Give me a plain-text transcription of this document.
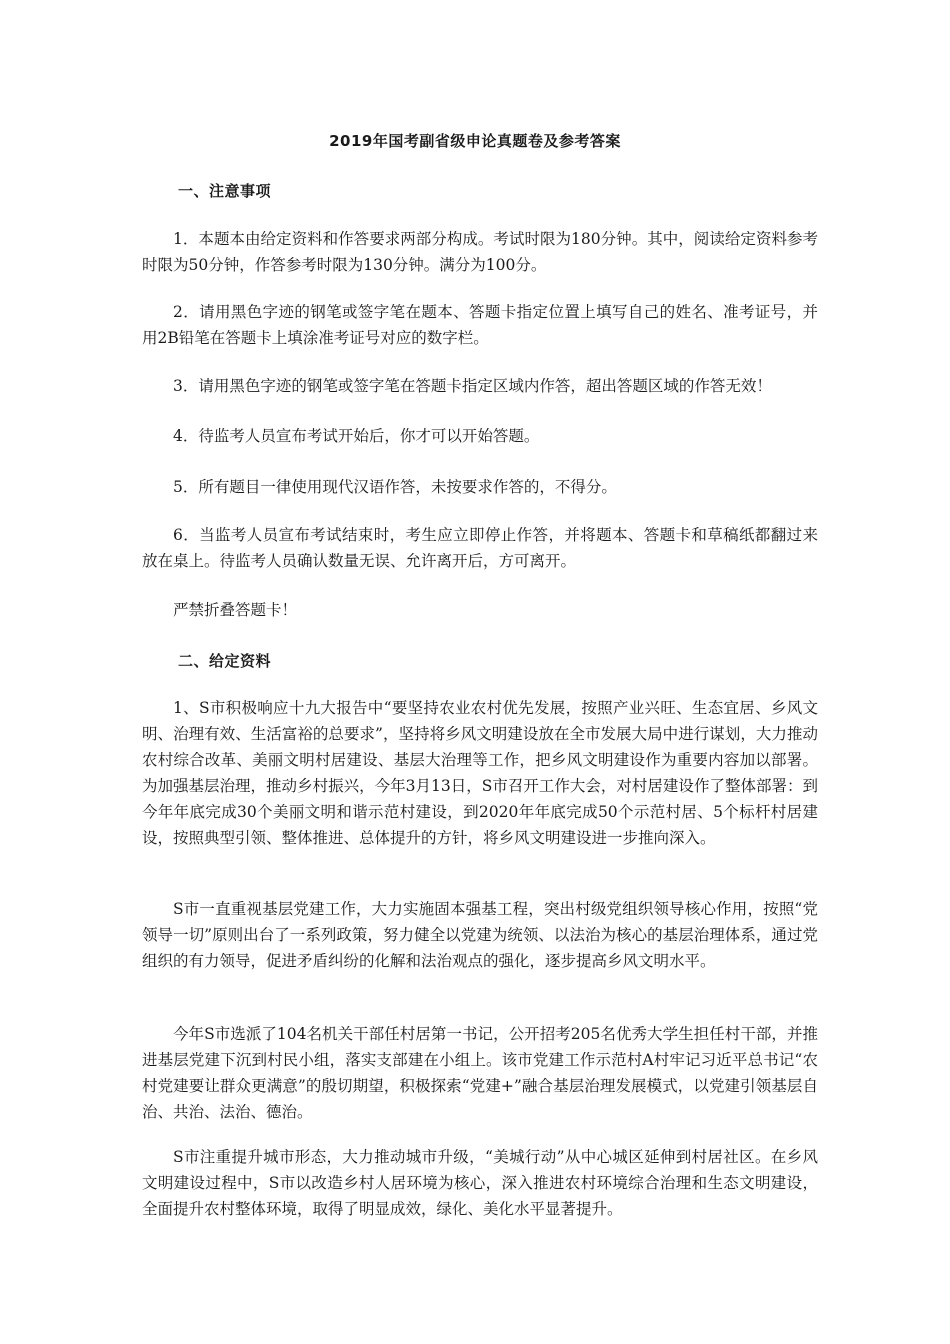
2019年国考副省级申论真题卷及参考答案
一、注意事项

1．本题本由给定资料和作答要求两部分构成。考试时限为180分钟。其中，阅读给定资料参考时限为50分钟，作答参考时限为130分钟。满分为100分。

2．请用黑色字迹的钢笔或签字笔在题本、答题卡指定位置上填写自己的姓名、准考证号，并用2B铅笔在答题卡上填涂准考证号对应的数字栏。

3．请用黑色字迹的钢笔或签字笔在答题卡指定区域内作答，超出答题区域的作答无效！

4．待监考人员宣布考试开始后，你才可以开始答题。

5．所有题目一律使用现代汉语作答，未按要求作答的，不得分。

6．当监考人员宣布考试结束时，考生应立即停止作答，并将题本、答题卡和草稿纸都翻过来放在桌上。待监考人员确认数量无误、允许离开后，方可离开。

严禁折叠答题卡！

二、给定资料

1、S市积极响应十九大报告中“要坚持农业农村优先发展，按照产业兴旺、生态宜居、乡风文明、治理有效、生活富裕的总要求”，坚持将乡风文明建设放在全市发展大局中进行谋划，大力推动农村综合改革、美丽文明村居建设、基层大治理等工作，把乡风文明建设作为重要内容加以部署。为加强基层治理，推动乡村振兴，今年3月13日，S市召开工作大会，对村居建设作了整体部署：到今年年底完成30个美丽文明和谐示范村建设，到2020年年底完成50个示范村居、5个标杆村居建设，按照典型引领、整体推进、总体提升的方针，将乡风文明建设进一步推向深入。

S市一直重视基层党建工作，大力实施固本强基工程，突出村级党组织领导核心作用，按照“党领导一切”原则出台了一系列政策，努力健全以党建为统领、以法治为核心的基层治理体系，通过党组织的有力领导，促进矛盾纠纷的化解和法治观点的强化，逐步提高乡风文明水平。

今年S市选派了104名机关干部任村居第一书记，公开招考205名优秀大学生担任村干部，并推进基层党建下沉到村民小组，落实支部建在小组上。该市党建工作示范村A村牢记习近平总书记“农村党建要让群众更满意”的殷切期望，积极探索“党建+”融合基层治理发展模式，以党建引领基层自治、共治、法治、德治。

S市注重提升城市形态，大力推动城市升级，“美城行动”从中心城区延伸到村居社区。在乡风文明建设过程中，S市以改造乡村人居环境为核心，深入推进农村环境综合治理和生态文明建设，全面提升农村整体环境，取得了明显成效，绿化、美化水平显著提升。
